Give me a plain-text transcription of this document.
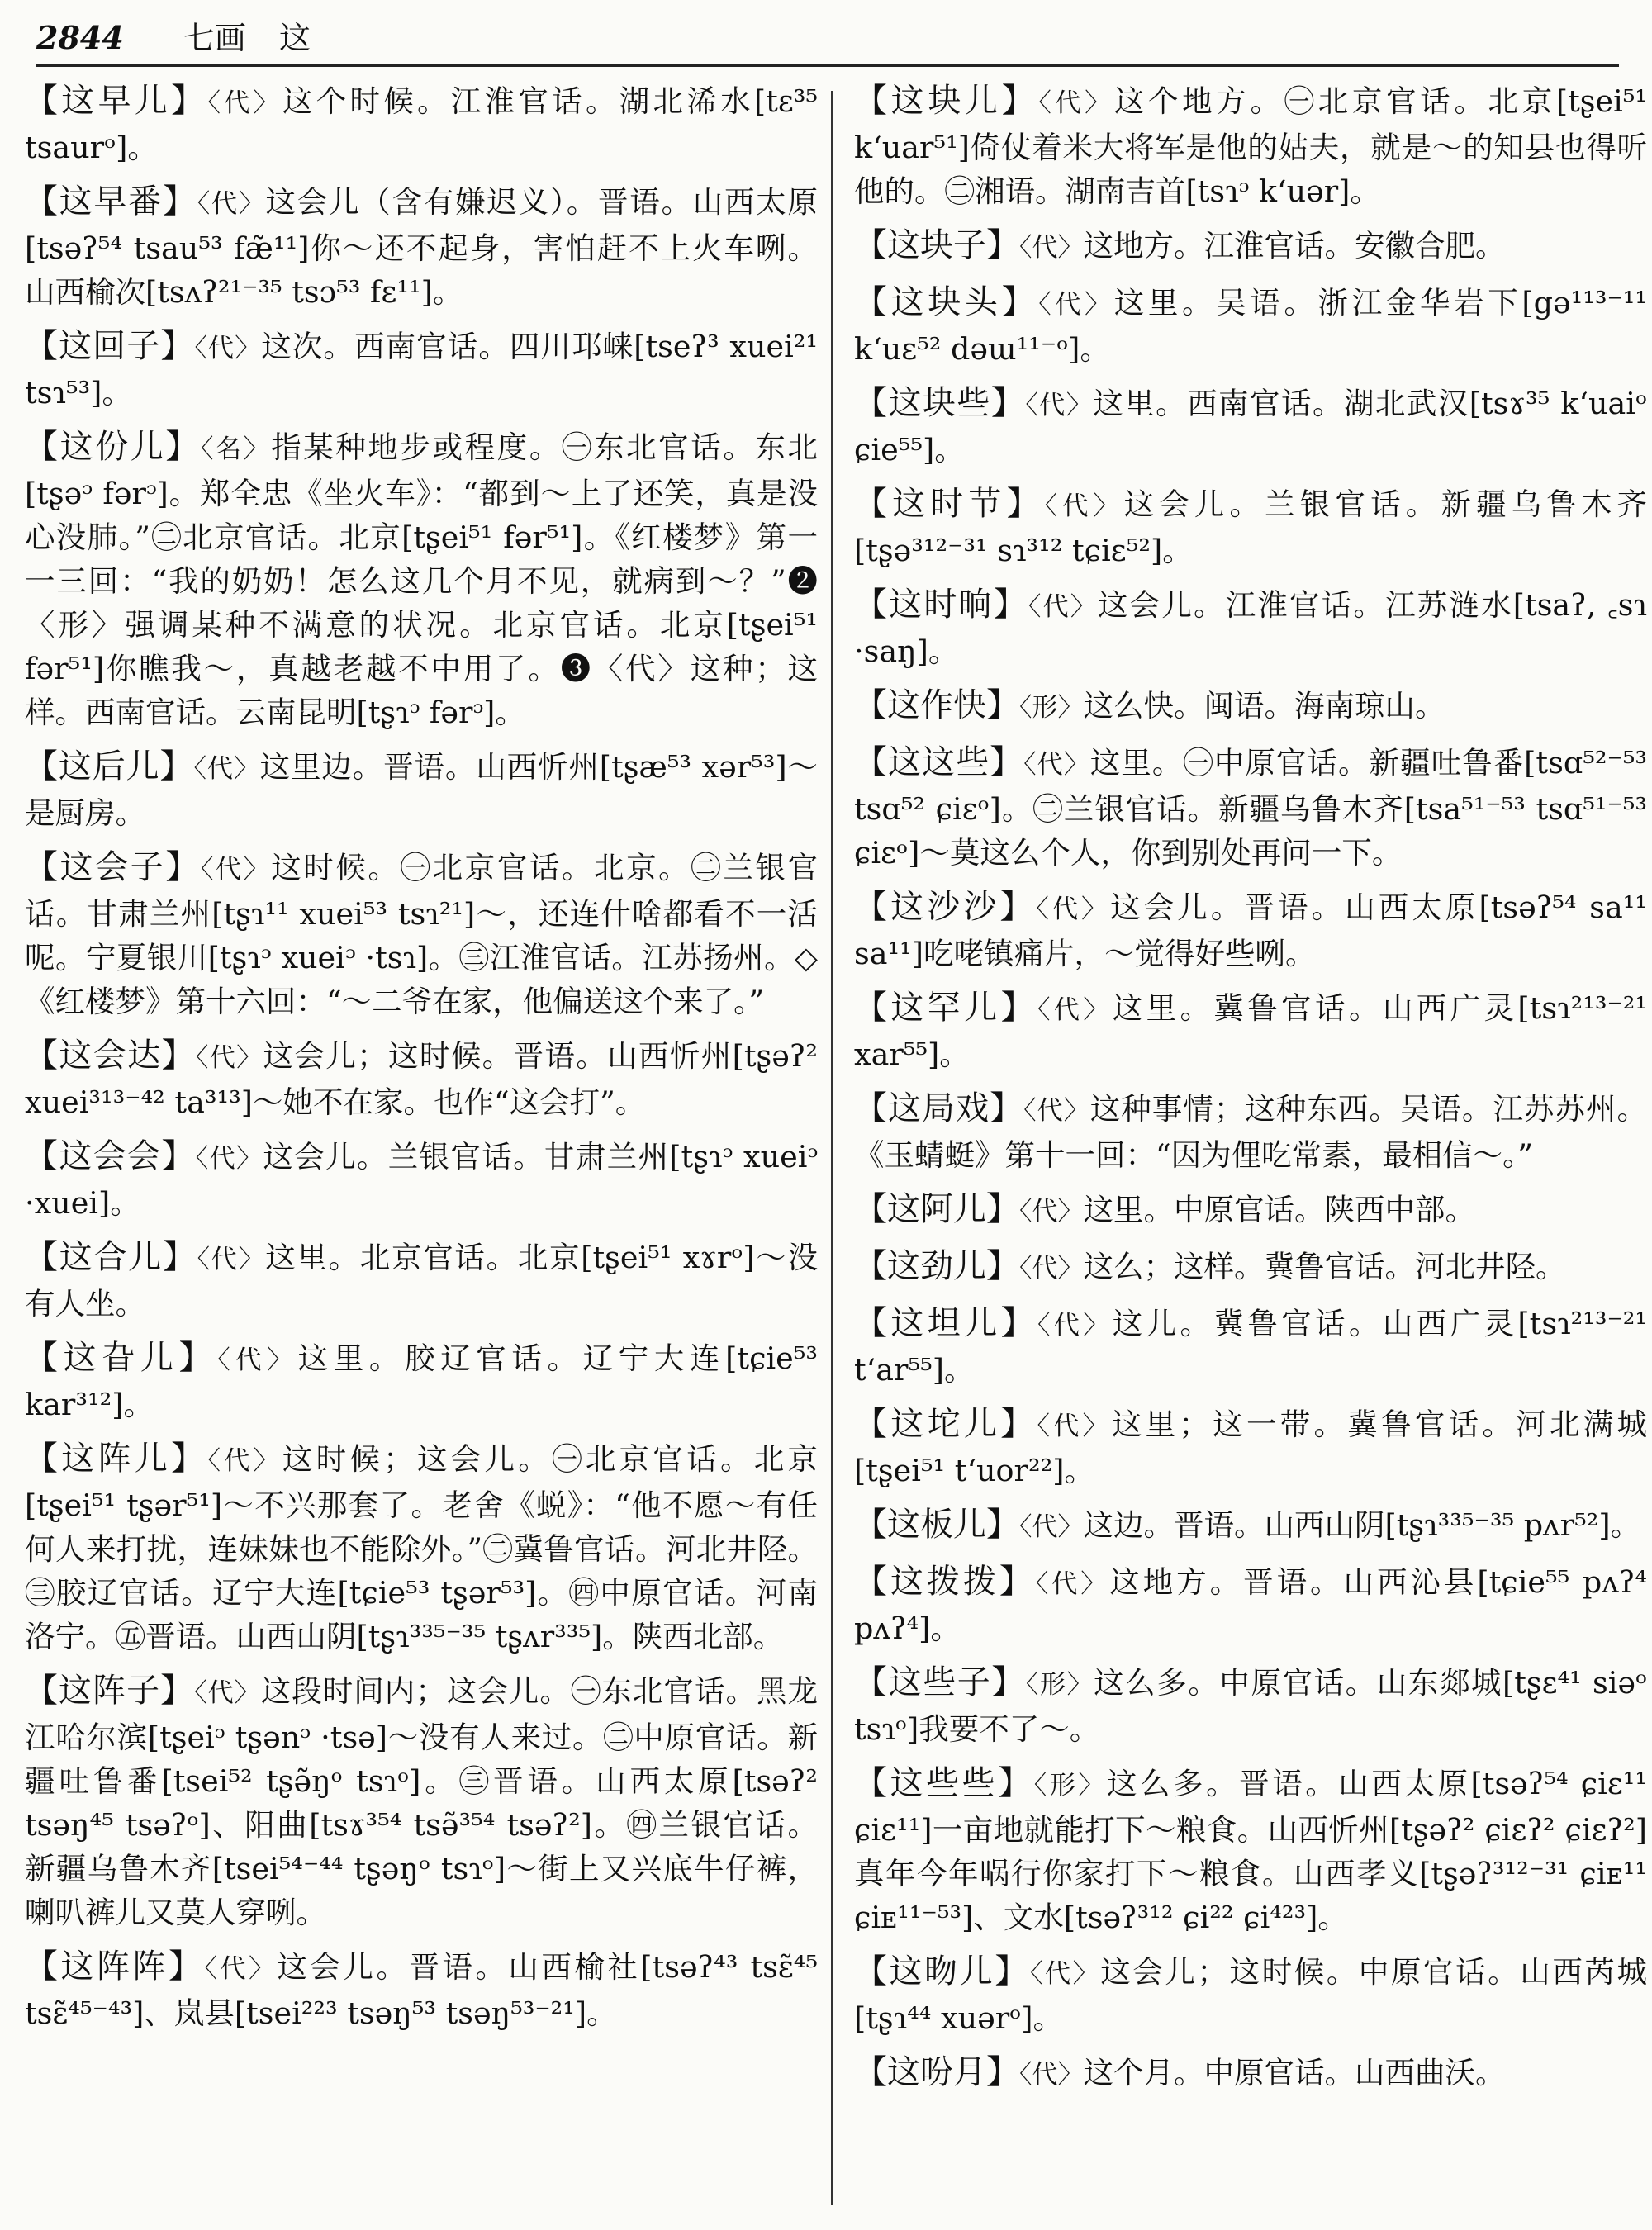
2844 七画 这

【这早儿】〈代〉这个时候。江淮官话。湖北浠水[tɛ³⁵ tsaurᵒ]。

【这早番】〈代〉这会儿（含有嫌迟义）。晋语。山西太原[tsəʔ⁵⁴ tsau⁵³ fæ̃¹¹]你～还不起身，害怕赶不上火车咧。山西榆次[tsʌʔ²¹⁻³⁵ tsɔ⁵³ fɛ¹¹]。

【这回子】〈代〉这次。西南官话。四川邛崃[tseʔ³ xuei²¹ tsɿ⁵³]。

【这份儿】〈名〉指某种地步或程度。㊀东北官话。东北[tʂəᵓ fərᵓ]。郑全忠《坐火车》：“都到～上了还笑，真是没心没肺。”㊁北京官话。北京[tʂei⁵¹ fər⁵¹]。《红楼梦》第一一三回：“我的奶奶！怎么这几个月不见，就病到～？”❷〈形〉强调某种不满意的状况。北京官话。北京[tʂei⁵¹ fər⁵¹]你瞧我～，真越老越不中用了。❸〈代〉这种；这样。西南官话。云南昆明[tʂɿᵓ fərᵓ]。

【这后儿】〈代〉这里边。晋语。山西忻州[tʂæ⁵³ xər⁵³]～是厨房。

【这会子】〈代〉这时候。㊀北京官话。北京。㊁兰银官话。甘肃兰州[tʂɿ¹¹ xuei⁵³ tsɿ²¹]～，还连什啥都看不一活呢。宁夏银川[tʂɿᵓ xueiᵓ ·tsɿ]。㊂江淮官话。江苏扬州。◇《红楼梦》第十六回：“～二爷在家，他偏送这个来了。”

【这会达】〈代〉这会儿；这时候。晋语。山西忻州[tʂəʔ² xuei³¹³⁻⁴² ta³¹³]～她不在家。也作“这会打”。

【这会会】〈代〉这会儿。兰银官话。甘肃兰州[tʂɿᵓ xueiᵓ ·xuei]。

【这合儿】〈代〉这里。北京官话。北京[tʂei⁵¹ xɤrᵒ]～没有人坐。

【这旮儿】〈代〉这里。胶辽官话。辽宁大连[tɕie⁵³ kar³¹²]。

【这阵儿】〈代〉这时候；这会儿。㊀北京官话。北京[tʂei⁵¹ tʂər⁵¹]～不兴那套了。老舍《蜕》：“他不愿～有任何人来打扰，连妹妹也不能除外。”㊁冀鲁官话。河北井陉。㊂胶辽官话。辽宁大连[tɕie⁵³ tʂər⁵³]。㊃中原官话。河南洛宁。㊄晋语。山西山阴[tʂɿ³³⁵⁻³⁵ tʂʌr³³⁵]。陕西北部。

【这阵子】〈代〉这段时间内；这会儿。㊀东北官话。黑龙江哈尔滨[tʂeiᵓ tʂənᵓ ·tsə]～没有人来过。㊁中原官话。新疆吐鲁番[tsei⁵² tʂə̃ŋᵒ tsɿᵒ]。㊂晋语。山西太原[tsəʔ² tsəŋ⁴⁵ tsəʔᵒ]、阳曲[tsɤ³⁵⁴ tsə̃³⁵⁴ tsəʔ²]。㊃兰银官话。新疆乌鲁木齐[tsei⁵⁴⁻⁴⁴ tʂəŋᵒ tsɿᵒ]～街上又兴底牛仔裤，喇叭裤儿又莫人穿咧。

【这阵阵】〈代〉这会儿。晋语。山西榆社[tsəʔ⁴³ tsɛ̃⁴⁵ tsɛ̃⁴⁵⁻⁴³]、岚县[tsei²²³ tsəŋ⁵³ tsəŋ⁵³⁻²¹]。

【这块儿】〈代〉这个地方。㊀北京官话。北京[tʂei⁵¹ k‘uar⁵¹]倚仗着米大将军是他的姑夫，就是～的知县也得听他的。㊁湘语。湖南吉首[tsɿᵓ k‘uər]。

【这块子】〈代〉这地方。江淮官话。安徽合肥。

【这块头】〈代〉这里。吴语。浙江金华岩下[gə¹¹³⁻¹¹ k‘uɛ⁵² dəɯ¹¹⁻ᵒ]。

【这块些】〈代〉这里。西南官话。湖北武汉[tsɤ³⁵ k‘uaiᵒ ɕie⁵⁵]。

【这时节】〈代〉这会儿。兰银官话。新疆乌鲁木齐[tʂə³¹²⁻³¹ sɿ³¹² tɕiɛ⁵²]。

【这时晌】〈代〉这会儿。江淮官话。江苏涟水[tsaʔ, ꜀sɿ ·saŋ]。

【这作快】〈形〉这么快。闽语。海南琼山。

【这这些】〈代〉这里。㊀中原官话。新疆吐鲁番[tsɑ⁵²⁻⁵³ tsɑ⁵² ɕiɛᵒ]。㊁兰银官话。新疆乌鲁木齐[tsa⁵¹⁻⁵³ tsɑ⁵¹⁻⁵³ ɕiɛᵒ]～莫这么个人，你到别处再问一下。

【这沙沙】〈代〉这会儿。晋语。山西太原[tsəʔ⁵⁴ sa¹¹ sa¹¹]吃咾镇痛片，～觉得好些咧。

【这罕儿】〈代〉这里。冀鲁官话。山西广灵[tsɿ²¹³⁻²¹ xar⁵⁵]。

【这局戏】〈代〉这种事情；这种东西。吴语。江苏苏州。《玉蜻蜓》第十一回：“因为俚吃常素，最相信～。”

【这阿儿】〈代〉这里。中原官话。陕西中部。

【这劲儿】〈代〉这么；这样。冀鲁官话。河北井陉。

【这坦儿】〈代〉这儿。冀鲁官话。山西广灵[tsɿ²¹³⁻²¹ t‘ar⁵⁵]。

【这坨儿】〈代〉这里；这一带。冀鲁官话。河北满城[tʂei⁵¹ t‘uor²²]。

【这板儿】〈代〉这边。晋语。山西山阴[tʂɿ³³⁵⁻³⁵ pʌr⁵²]。

【这拨拨】〈代〉这地方。晋语。山西沁县[tɕie⁵⁵ pʌʔ⁴ pʌʔ⁴]。

【这些子】〈形〉这么多。中原官话。山东郯城[tʂɛ⁴¹ siəᵒ tsɿᵒ]我要不了～。

【这些些】〈形〉这么多。晋语。山西太原[tsəʔ⁵⁴ ɕiɛ¹¹ ɕiɛ¹¹]一亩地就能打下～粮食。山西忻州[tʂəʔ² ɕiɛʔ² ɕiɛʔ²]真年今年㖞行你家打下～粮食。山西孝义[tʂəʔ³¹²⁻³¹ ɕiᴇ¹¹ ɕiᴇ¹¹⁻⁵³]、文水[tsəʔ³¹² ɕi²² ɕi⁴²³]。

【这昒儿】〈代〉这会儿；这时候。中原官话。山西芮城[tʂɿ⁴⁴ xuərᵒ]。

【这吩月】〈代〉这个月。中原官话。山西曲沃。
